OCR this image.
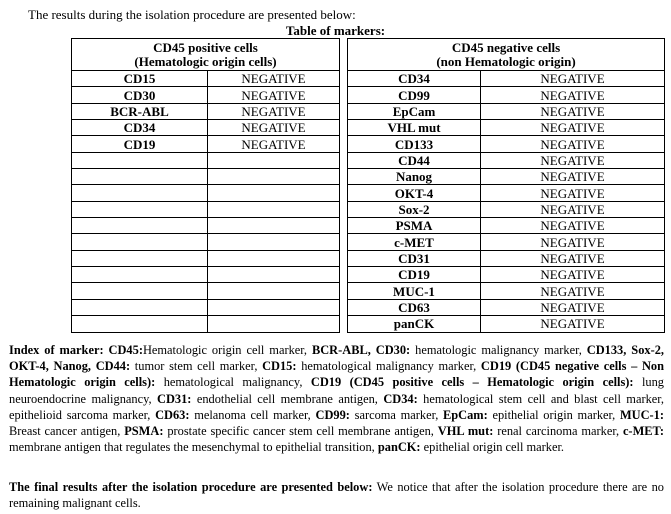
The results during the isolation procedure are presented below:
Table of markers:
CD45 positive cells
(Hematologic origin cells)			CD45 negative cells
(non Hematologic origin)	
CD15	NEGATIVE		CD34	NEGATIVE
CD30	NEGATIVE		CD99	NEGATIVE
BCR-ABL	NEGATIVE		EpCam	NEGATIVE
CD34	NEGATIVE		VHL mut	NEGATIVE
CD19	NEGATIVE		CD133	NEGATIVE
			CD44	NEGATIVE
			Nanog	NEGATIVE
			OKT-4	NEGATIVE
			Sox-2	NEGATIVE
			PSMA	NEGATIVE
			c-MET	NEGATIVE
			CD31	NEGATIVE
			CD19	NEGATIVE
			MUC-1	NEGATIVE
			CD63	NEGATIVE
			panCK	NEGATIVE
Index of marker: CD45:Hematologic origin cell marker, BCR-ABL, CD30: hematologic malignancy marker, CD133, Sox-2, OKT-4, Nanog, CD44: tumor stem cell marker, CD15: hematological malignancy marker, CD19 (CD45 negative cells – Non Hematologic origin cells): hematological malignancy, CD19 (CD45 positive cells – Hematologic origin cells): lung neuroendocrine malignancy, CD31: endothelial cell membrane antigen, CD34: hematological stem cell and blast cell marker, epithelioid sarcoma marker, CD63: melanoma cell marker, CD99: sarcoma marker, EpCam: epithelial origin marker, MUC-1: Breast cancer antigen, PSMA: prostate specific cancer stem cell membrane antigen, VHL mut: renal carcinoma marker, c-MET: membrane antigen that regulates the mesenchymal to epithelial transition, panCK: epithelial origin cell marker.
The final results after the isolation procedure are presented below: We notice that after the isolation procedure there are no remaining malignant cells.
